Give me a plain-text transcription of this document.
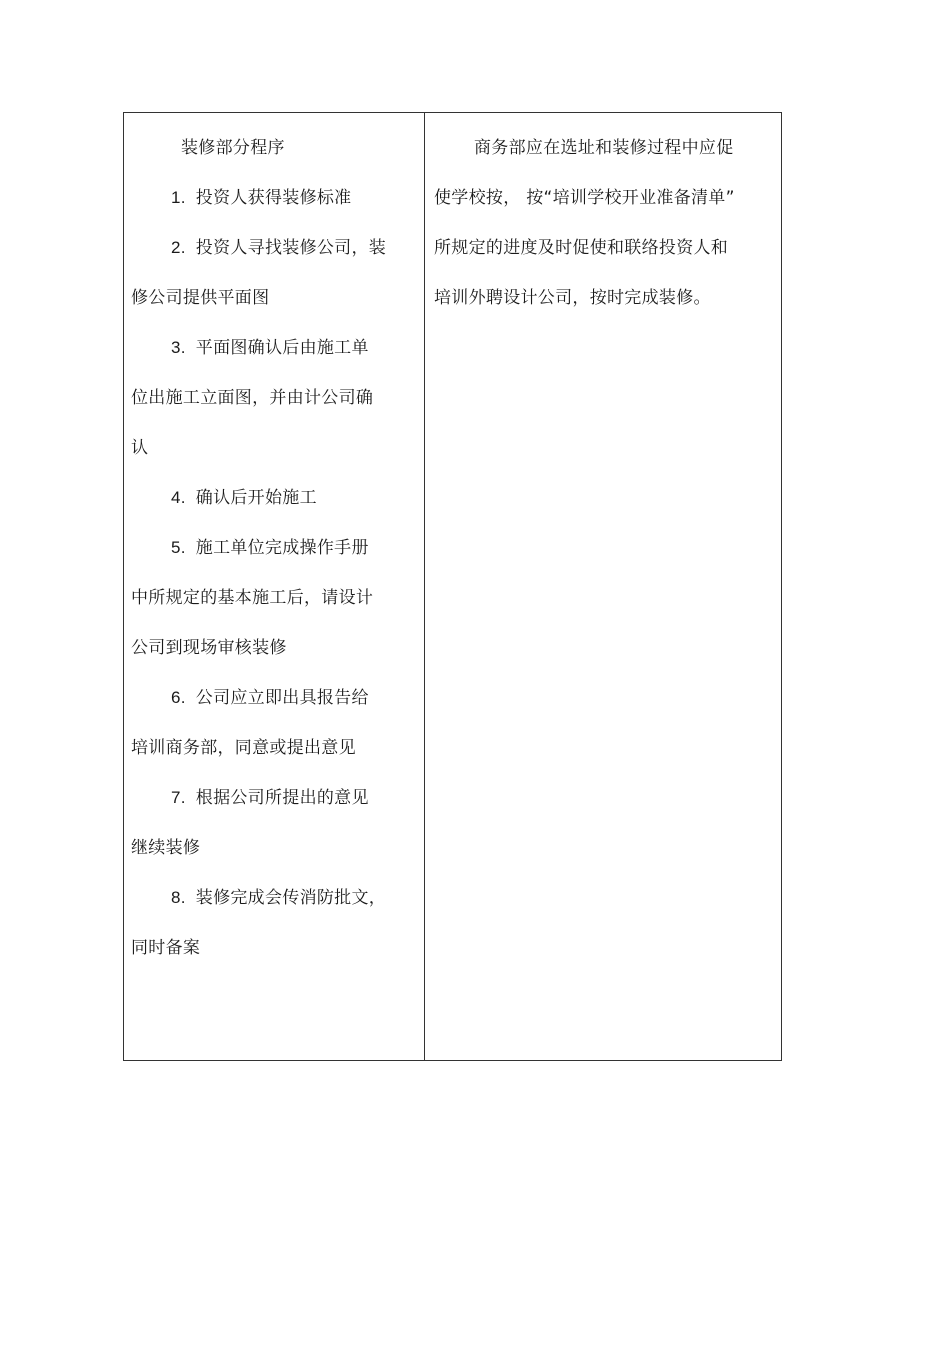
装修部分程序
1. 投资人获得装修标准
2. 投资人寻找装修公司，装
修公司提供平面图
3. 平面图确认后由施工单
位出施工立面图，并由计公司确
认
4. 确认后开始施工
5. 施工单位完成操作手册
中所规定的基本施工后，请设计
公司到现场审核装修
6. 公司应立即出具报告给
培训商务部，同意或提出意见
7. 根据公司所提出的意见
继续装修
8. 装修完成会传消防批文，
同时备案
商务部应在选址和装修过程中应促
使学校按， 按“培训学校开业准备清单”
所规定的进度及时促使和联络投资人和
培训外聘设计公司，按时完成装修。
